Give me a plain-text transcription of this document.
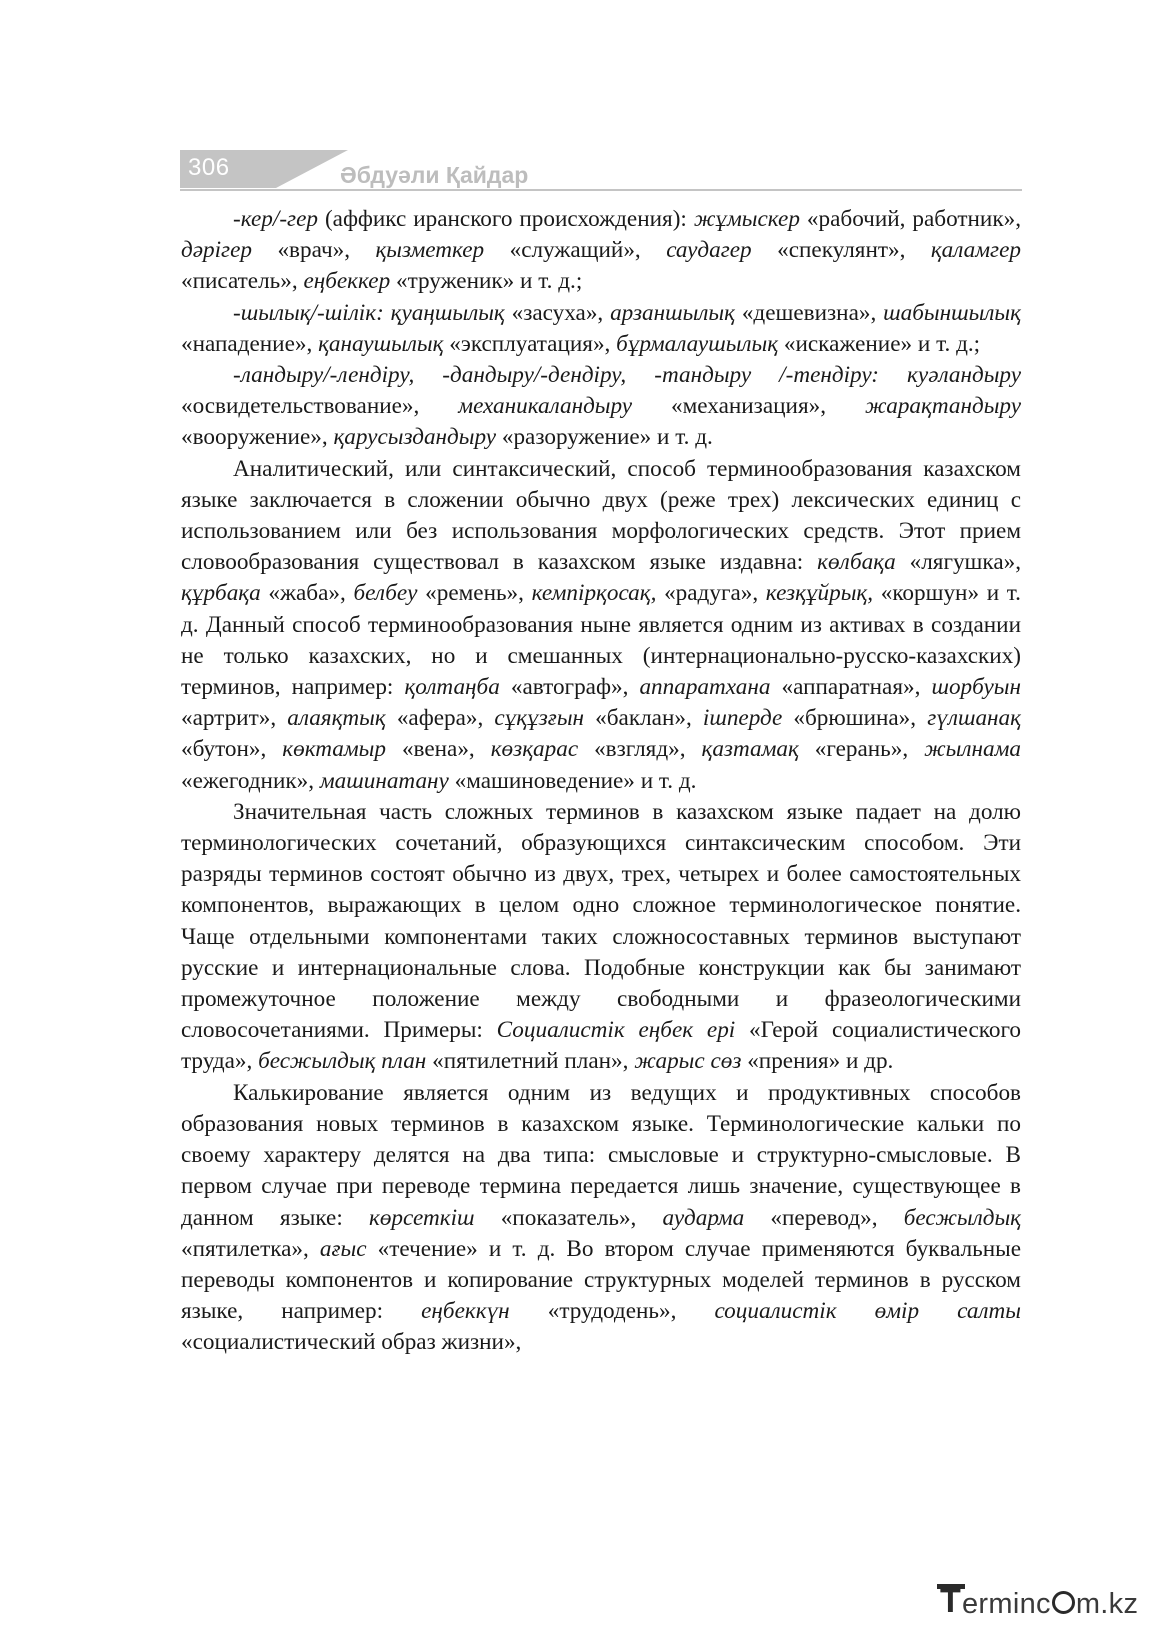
306	Әбдуәли Қайдар

-кер/-гер (аффикс иранского происхождения): жұмыскер «рабочий, работник», дәрігер «врач», қызметкер «служащий», саудагер «спекулянт», қаламгер «писатель», еңбеккер «труженик» и т. д.;

-шылық/-шілік: қуаңшылық «засуха», арзаншылық «дешевизна», шабыншылық «нападение», қанаушылық «эксплуатация», бұрмалаушылық «искажение» и т. д.;

-ландыру/-лендіру, -дандыру/-дендіру, -тандыру /-тендіру: куәландыру «освидетельствование», механикаландыру «механизация», жарақтандыру «вооружение», қарусыздандыру «разоружение» и т. д.

Аналитический, или синтаксический, способ терминообразования казахском языке заключается в сложении обычно двух (реже трех) лексических единиц с использованием или без использования морфологических средств. Этот прием словообразования существовал в казахском языке издавна: көлбақа «лягушка», құрбақа «жаба», белбеу «ремень», кемпірқосақ, «радуга», кезқұйрық, «коршун» и т. д. Данный способ терминообразования ныне является одним из активах в создании не только казахских, но и смешанных (интернационально-русско-казахских) терминов, например: қолтаңба «автограф», аппаратхана «аппаратная», шорбуын «артрит», алаяқтық «афера», сұқұзғын «баклан», ішперде «брюшина», гүлшанақ «бутон», көктамыр «вена», көзқарас «взгляд», қазтамақ «герань», жылнама «ежегодник», машинатану «машиноведение» и т. д.

Значительная часть сложных терминов в казахском языке падает на долю терминологических сочетаний, образующихся синтаксическим способом. Эти разряды терминов состоят обычно из двух, трех, четырех и более самостоятельных компонентов, выражающих в целом одно сложное терминологическое понятие. Чаще отдельными компонентами таких сложносоставных терминов выступают русские и интернациональные слова. Подобные конструкции как бы занимают промежуточное положение между свободными и фразеологическими словосочетаниями. Примеры: Социалистік еңбек ері «Герой социалистического труда», бесжылдық план «пятилетний план», жарыс сөз «прения» и др.

Калькирование является одним из ведущих и продуктивных способов образования новых терминов в казахском языке. Терминологические кальки по своему характеру делятся на два типа: смысловые и структурно-смысловые. В первом случае при переводе термина передается лишь значение, существующее в данном языке: көрсеткіш «показатель», аударма «перевод», бесжылдық «пятилетка», ағыс «течение» и т. д. Во втором случае применяются буквальные переводы компонентов и копирование структурных моделей терминов в русском языке, например: еңбеккүн «трудодень», социалистік өмір салты «социалистический образ жизни»,

T erminc m.kz
